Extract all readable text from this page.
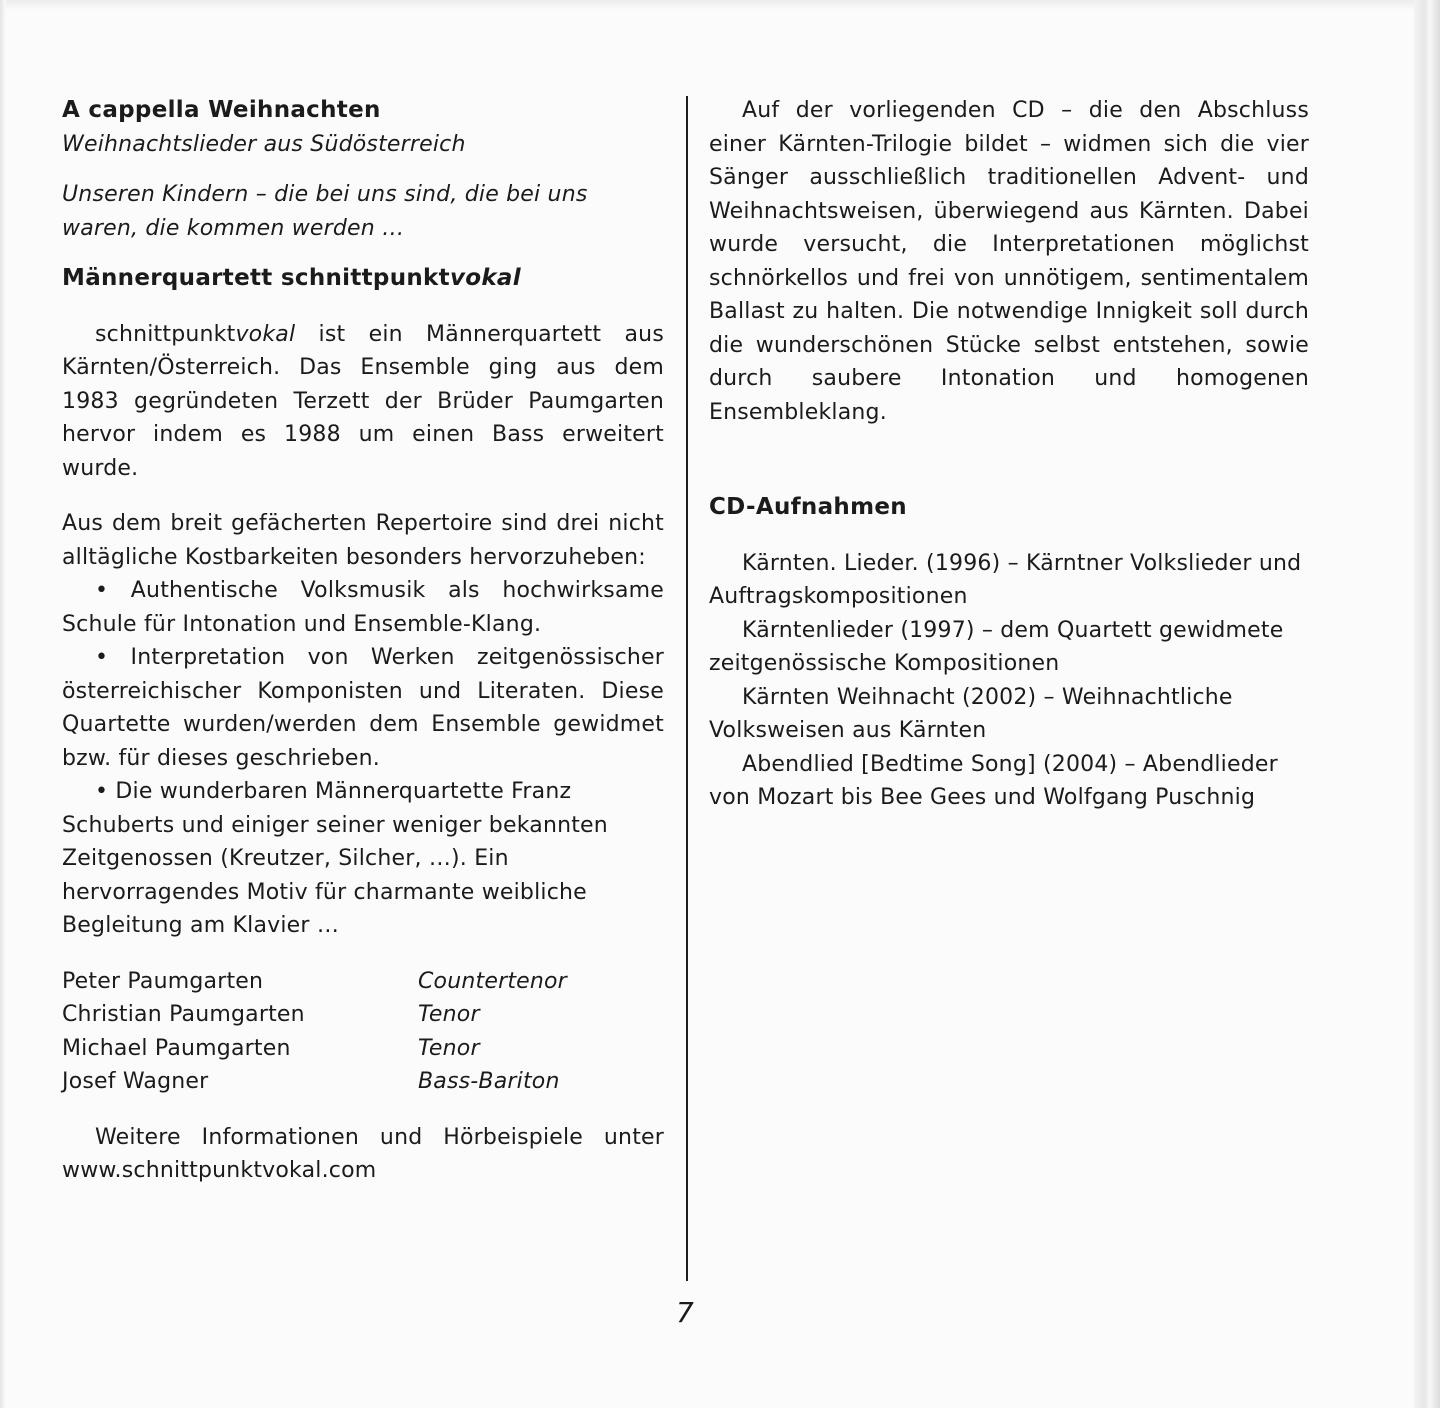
A cappella Weihnachten
Weihnachtslieder aus Südösterreich

Unseren Kindern – die bei uns sind, die bei uns waren, die kommen werden …

Männerquartett schnittpunktvokal

schnittpunktvokal ist ein Männerquartett aus Kärnten/Österreich. Das Ensemble ging aus dem 1983 gegründeten Terzett der Brüder Paumgarten hervor indem es 1988 um einen Bass erweitert wurde.

Aus dem breit gefächerten Repertoire sind drei nicht alltägliche Kostbarkeiten besonders hervorzuheben:

• Authentische Volksmusik als hochwirksame Schule für Intonation und Ensemble-Klang.

• Interpretation von Werken zeitgenössischer österreichischer Komponisten und Literaten. Diese Quartette wurden/werden dem Ensemble gewidmet bzw. für dieses geschrieben.

• Die wunderbaren Männerquartette Franz Schuberts und einiger seiner weniger bekannten Zeitgenossen (Kreutzer, Silcher, …). Ein hervorragendes Motiv für charmante weibliche Begleitung am Klavier …

Peter Paumgarten	Countertenor
Christian Paumgarten	Tenor
Michael Paumgarten	Tenor
Josef Wagner	Bass-Bariton

Weitere Informationen und Hörbeispiele unter www.schnittpunktvokal.com

Auf der vorliegenden CD – die den Abschluss einer Kärnten-Trilogie bildet – widmen sich die vier Sänger ausschließlich traditionellen Advent- und Weihnachtsweisen, überwiegend aus Kärnten. Dabei wurde versucht, die Interpretationen möglichst schnörkellos und frei von unnötigem, sentimentalem Ballast zu halten. Die notwendige Innigkeit soll durch die wunderschönen Stücke selbst entstehen, sowie durch saubere Intonation und homogenen Ensembleklang.

CD-Aufnahmen

Kärnten. Lieder. (1996) – Kärntner Volkslieder und Auftragskompositionen

Kärntenlieder (1997) – dem Quartett gewidmete zeitgenössische Kompositionen

Kärnten Weihnacht (2002) – Weihnachtliche Volksweisen aus Kärnten

Abendlied [Bedtime Song] (2004) – Abendlieder von Mozart bis Bee Gees und Wolfgang Puschnig

7
